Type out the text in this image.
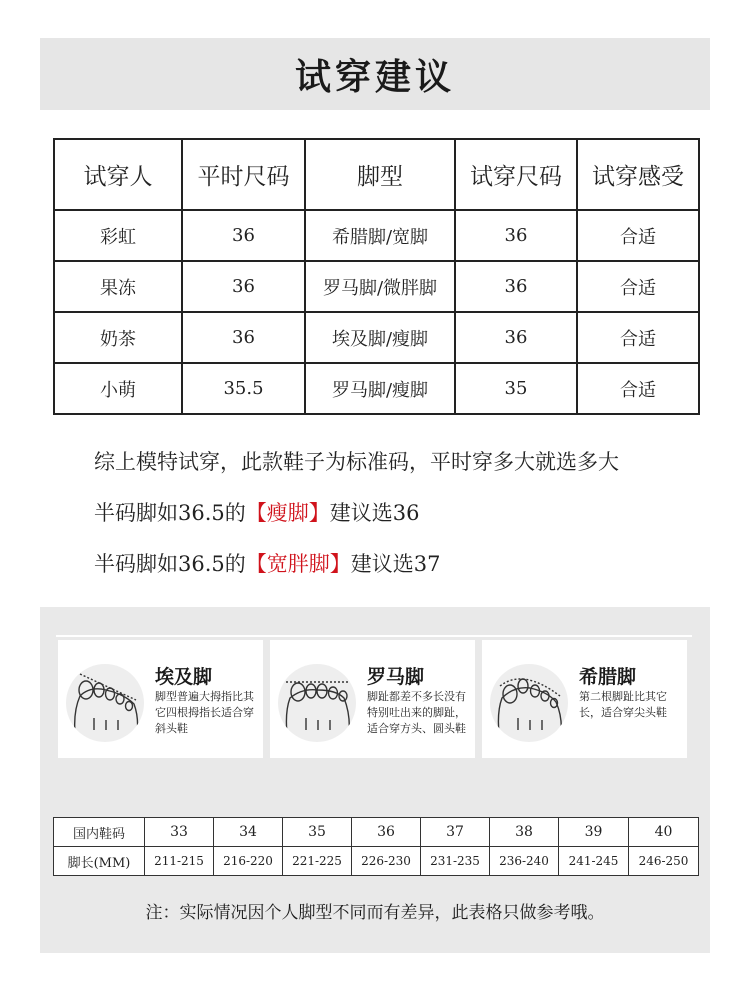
试穿建议
试穿人	平时尺码	脚型	试穿尺码	试穿感受
彩虹	36	希腊脚/宽脚	36	合适
果冻	36	罗马脚/微胖脚	36	合适
奶茶	36	埃及脚/瘦脚	36	合适
小萌	35.5	罗马脚/瘦脚	35	合适

综上模特试穿，此款鞋子为标准码，平时穿多大就选多大

半码脚如36.5的【瘦脚】建议选36

半码脚如36.5的【宽胖脚】建议选37

埃及脚
脚型普遍大拇指比其它四根拇指长适合穿斜头鞋
罗马脚
脚趾都差不多长没有特别吐出来的脚趾，适合穿方头、圆头鞋
希腊脚
第二根脚趾比其它长，适合穿尖头鞋
国内鞋码	33	34	35	36	37	38	39	40
脚长(MM)	211-215	216-220	221-225	226-230	231-235	236-240	241-245	246-250
注：实际情况因个人脚型不同而有差异，此表格只做参考哦。
